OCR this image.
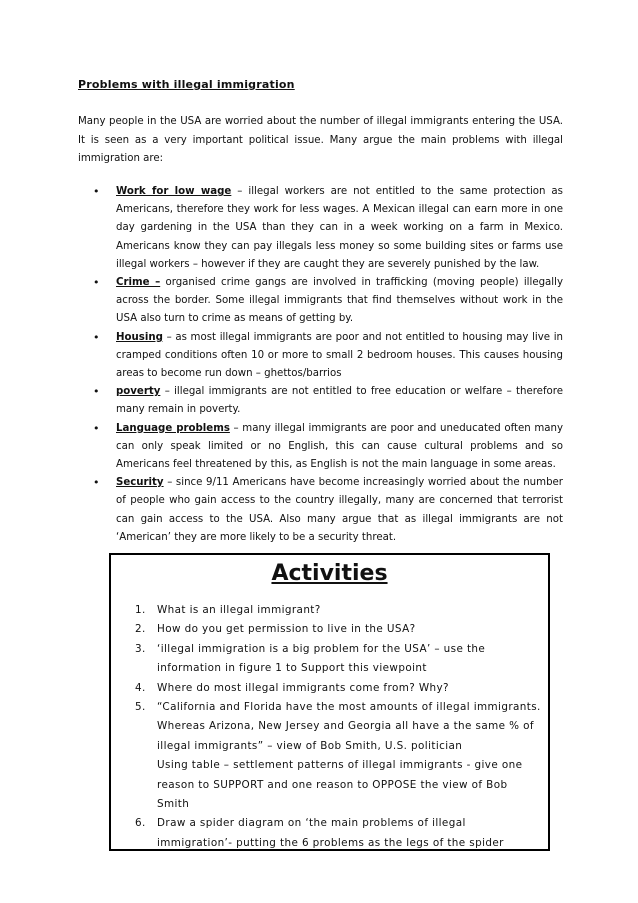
Problems with illegal immigration
Many people in the USA are worried about the number of illegal immigrants entering the USA. It is seen as a very important political issue. Many argue the main problems with illegal immigration are:
• Work for low wage – illegal workers are not entitled to the same protection as Americans, therefore they work for less wages. A Mexican illegal can earn more in one day gardening in the USA than they can in a week working on a farm in Mexico. Americans know they can pay illegals less money so some building sites or farms use illegal workers – however if they are caught they are severely punished by the law.
• Crime – organised crime gangs are involved in trafficking (moving people) illegally across the border. Some illegal immigrants that find themselves without work in the USA also turn to crime as means of getting by.
• Housing – as most illegal immigrants are poor and not entitled to housing may live in cramped conditions often 10 or more to small 2 bedroom houses. This causes housing areas to become run down – ghettos/barrios
• poverty – illegal immigrants are not entitled to free education or welfare – therefore many remain in poverty.
• Language problems – many illegal immigrants are poor and uneducated often many can only speak limited or no English, this can cause cultural problems and so Americans feel threatened by this, as English is not the main language in some areas.
• Security – since 9/11 Americans have become increasingly worried about the number of people who gain access to the country illegally, many are concerned that terrorist can gain access to the USA. Also many argue that as illegal immigrants are not ‘American’ they are more likely to be a security threat.
Activities
1. What is an illegal immigrant?
2. How do you get permission to live in the USA?
3. ‘illegal immigration is a big problem for the USA’ – use the information in figure 1 to Support this viewpoint
4. Where do most illegal immigrants come from? Why?
5. “California and Florida have the most amounts of illegal immigrants. Whereas Arizona, New Jersey and Georgia all have a the same % of illegal immigrants” – view of Bob Smith, U.S. politician
Using table – settlement patterns of illegal immigrants - give one reason to SUPPORT and one reason to OPPOSE the view of Bob Smith
6. Draw a spider diagram on ‘the main problems of illegal immigration’- putting the 6 problems as the legs of the spider
